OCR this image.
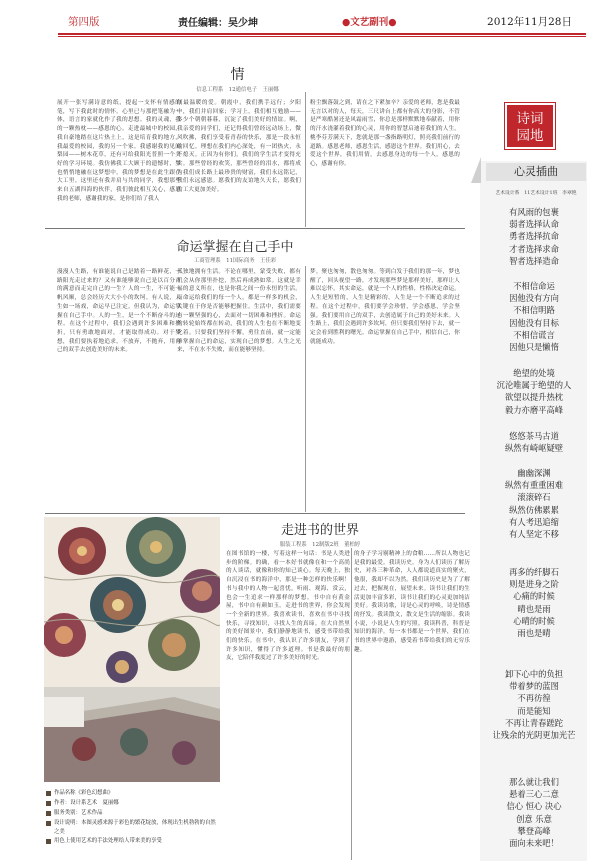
第四版	责任编辑：吴少坤	●文艺副刊●	2012年11月28日
情
信息工程系　12通信电子　王丽娜
展开一张写满诗意的纸，提起一支怀有情感的笔，写下我此时的情怀。心里已与那把笔融为一体，语言的家就化作了我的思想。我的灵魂，我的一颗热枕——感恩的心。走进最城中的校园，我自豪地踏在这片热土上，这是培育我的地方，我最爱的校园，我的另一个家。我感谢我的见闻梨园——树木花草，还有可给我阳光普照一个美好的学习环境。我仿佛我工大顾于的遗憾时，梦也悄悄地融在这梦想中，我的梦想是在此生跟在大工里。这里还有我并肩与共的同学，我想那些来自五湖四海的伙伴，我们彼此相互关心，感恩我的老师，感谢我的家，是你们给了我人
间最温暖的爱。朝霞中，我们携手远行；夕阳中，我们并肩回家；学习上，我们相互勉励——多少个朝朝暮暮，沉淀了我们美好的情谊。啊，我亲爱的同学们，还记得我们曾经远动场上，微风吹拂，我们享受着青春的快乐，那是一段永恒的回忆。理想在我们内心深处，有一团热火，永不熄灭。正因为有你们，我们的学生活才变得充实。那些曾经的欢笑，那些曾经的泪水，都将成为我们成长路上最珍贵的财富，我们永远铭记，我们永远感恩。愿我们的友谊地久天长，愿我们的工大更加美好。
粉尘飘落鼓之到，请在之下紧加辛？亲爱的老师，您是我最无言以对的人，每天，三尺讲台上都有你高大的身影，不管是严寒酷暑还是风霜雨雪，你总是那样默默地奉献着，用你的汗水浇灌着我们的心灵，用你的智慧启迪着我们的人生。桃李芬芳满天下，您就是那一盏指路明灯，照亮我们前行的道路。感恩老师，感恩生活，感恩这个世界。我们用心，去爱这个世界，我们用情，去感恩身边的每一个人。感恩的心，感谢有你。
命运掌握在自己手中
工商管理系　11国际商务　王佳彩
漫漫人生路，有谁能说自己是踏着一路鲜花，一路阳光走过来的？又有谁能够说自己是以百分百的满意而走完自己的一生？人的一生，不可能一帆风顺，总会经历大大小小的坎坷。有人说，人生如一场戏，命运早已注定。但我认为，命运掌握在自己手中。人的一生，是一个不断奋斗的过程。在这个过程中，我们会遇到许多困难和挫折，只有勇敢地面对，才能取得成功。对于梦想，我们要执着地追求，不放弃，不抛弃，用自己的双手去创造美好的未来。
孤独地拥有生活。不论在哪里，蒙受失败，都有机会从你那里扑挖，然后再成熟如常。这就是幸福的意义所在，也是你我之间一份永恒的生活。而命运给我们的每一个人，都是一样多的机会，关键在于你是否能够把握住。生活中，我们需要有一颗坚强的心，去面对一切困难和挫折。命运的转轮始终都在转动，我们的人生也在不断地变化着。只要我们坚持不懈，勇往直前，就一定能够掌握自己的命运，实现自己的梦想。人生之光来，不在水不失败，而在能够坚持。
梦。聚也匆匆，散也匆匆。等到白发于我们的那一年，梦也醒了，回头视望一路，才发现那些梦是那样美好，那样让人难以忘怀。其实命运，就是一个人的性格，性格决定命运。人生是短暂的，人生是精彩的，人生是一个不断追求的过程。在这个过程中，我们要学会珍惜，学会感恩，学会坚强。我们要用自己的双手，去创造属于自己的美好未来。人生路上，我们会遇到许多坎坷，但只要我们坚持下去，就一定会看到胜利的曙光。命运掌握在自己手中，相信自己，你就能成功。
走进书的世界
服装工程系　12制版2班　董柏婷
在图书馆的一楼，写着这样一句话：书是人类进步的阶梯。的确，看一本好书就像在和一个高尚的人谈话，就像和你的知己谈心。每天晚上，独自沉浸在书的海洋中，那是一种怎样的快乐啊！书与我中的人物一起喜忧，听雨、观海、赏云，也会一生追求一样那样的梦想。书中自有黄金屋，书中自有颜如玉。走进书的世界，你会发现一个全新的世界。我喜欢读书，喜欢在书中寻找快乐，寻找知识，寻找人生的真谛。在大自然里的美好图景中，我们静静地读书，感受书带给我们的快乐。在书中，我认识了许多朋友，学到了许多知识，懂得了许多道理。书是我最好的朋友，它陪伴我度过了许多美好的时光。
的身子学习剔精神上的食粮……所以人物也记是我的最爱。我读历史。身为人们读历了解历史，对各三种革命，人人都说道真实的聚火，他很，我却不以为然。我们读历史是为了了解过去，把握现在，展望未来。读书让我们的生活更加丰富多彩，读书让我们的心灵更加纯洁美好。我读诗歌，诗是心灵的呼唤，诗是情感的抒发。我读散文，散文是生活的缩影。我读小说，小说是人生的写照。我读科普，科普是知识的海洋。每一本书都是一个世界，我们在书的世界中遨游，感受着书带给我们的无穷乐趣。
作品名称《彩色幻想曲》
作者：设计系艺术　夏丽娜
服务类别：艺术作品
设计说明：本图灵感来源于彩色的繁花绽放，体现出生机勃勃的自然之美
用色上使用艺术的手法处理给人带来美的享受
诗词
园地
心灵插曲
艺术设计系　11艺术设计1班　李翠艳
有风雨的包裹
弱者选择认命
勇者选择抗命
才者选择求命
智者选择造命
不相信命运
因他没有方向
不相信明路
因他没有目标
不相信谎言
因他只是懒惰
绝望的处境
沉沦唯属于绝望的人
欲望以提升热枕
毅力亦磨平高峰
悠悠茶马古道
纵然有崎岖疑壁
幽幽深渊
纵然有重重困难
滚滚碎石
纵然仿佛累累
有人考迅追缩
有人坚定不移
再多的纤脚石
则是进身之阶
心痛的时候
晴也是雨
心晴的时候
雨也是晴
卸下心中的负担
带着梦的蓝图
不再彷徨
而是能知
不再让青春蹉跎
让残余的光阴更加光芒
那么就让我们
悬着三心二意
信心 恒心 决心
创意 乐意
攀登高峰
面向未来吧！
